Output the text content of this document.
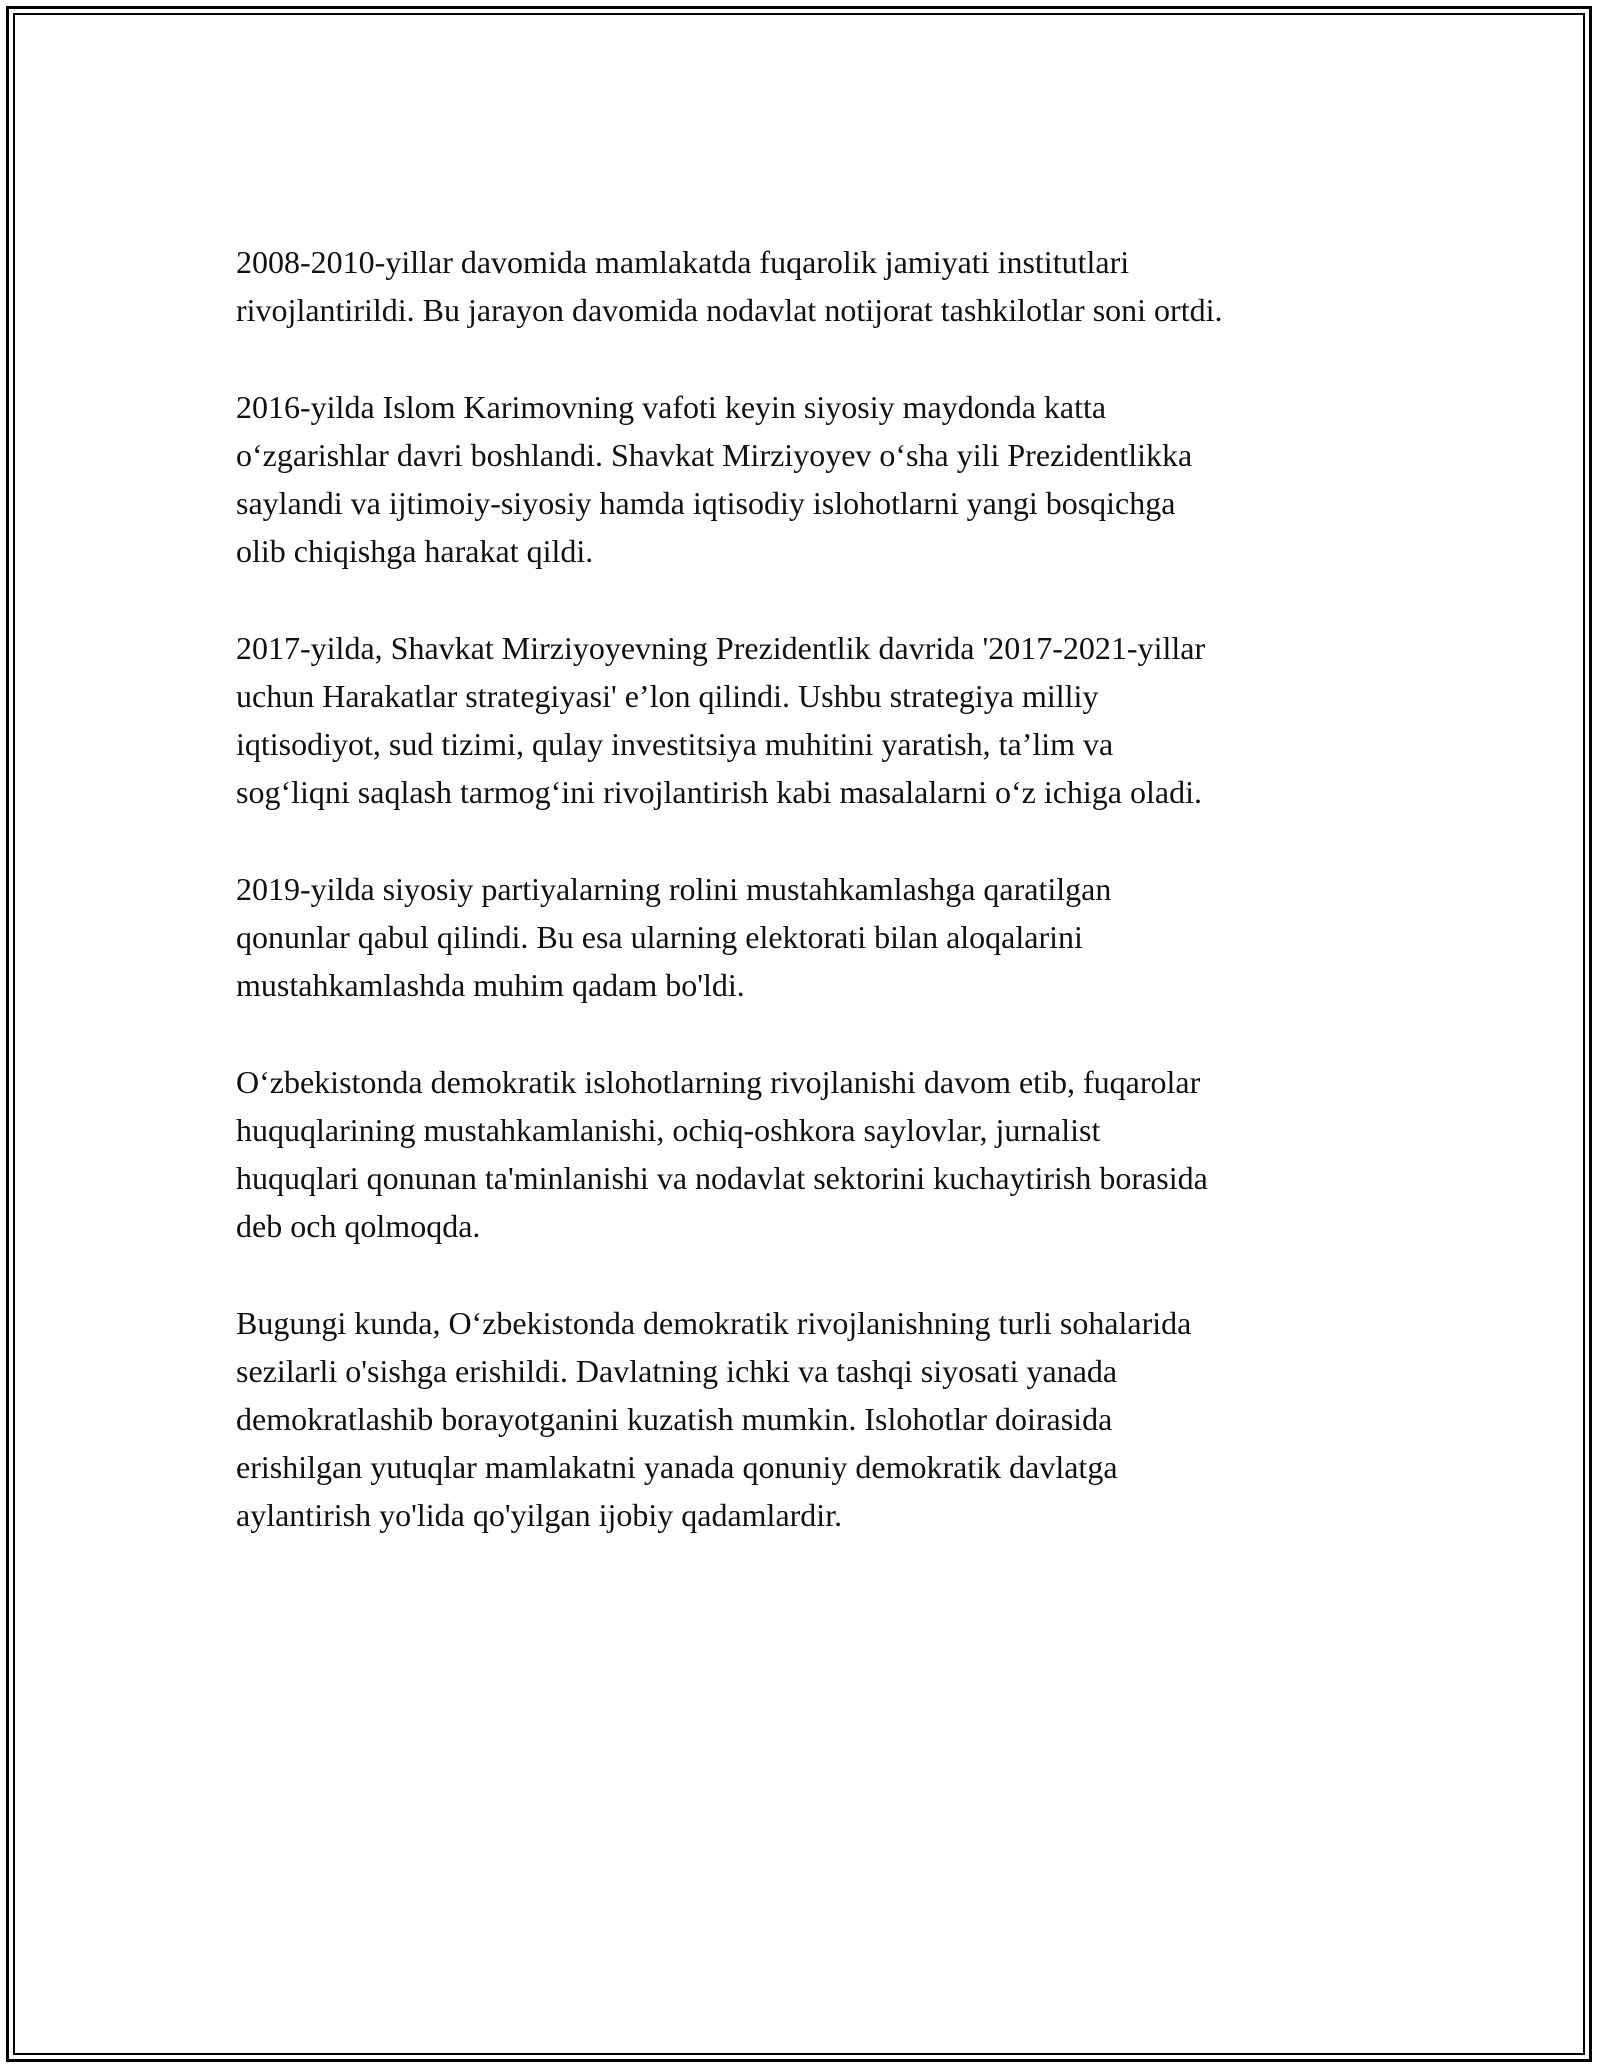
2008-2010-yillar davomida mamlakatda fuqarolik jamiyati institutlari
rivojlantirildi. Bu jarayon davomida nodavlat notijorat tashkilotlar soni ortdi.

2016-yilda Islom Karimovning vafoti keyin siyosiy maydonda katta
o‘zgarishlar davri boshlandi. Shavkat Mirziyoyev o‘sha yili Prezidentlikka
saylandi va ijtimoiy-siyosiy hamda iqtisodiy islohotlarni yangi bosqichga
olib chiqishga harakat qildi.

2017-yilda, Shavkat Mirziyoyevning Prezidentlik davrida '2017-2021-yillar
uchun Harakatlar strategiyasi' e’lon qilindi. Ushbu strategiya milliy
iqtisodiyot, sud tizimi, qulay investitsiya muhitini yaratish, ta’lim va
sog‘liqni saqlash tarmog‘ini rivojlantirish kabi masalalarni o‘z ichiga oladi.

2019-yilda siyosiy partiyalarning rolini mustahkamlashga qaratilgan
qonunlar qabul qilindi. Bu esa ularning elektorati bilan aloqalarini
mustahkamlashda muhim qadam bo'ldi.

O‘zbekistonda demokratik islohotlarning rivojlanishi davom etib, fuqarolar
huquqlarining mustahkamlanishi, ochiq-oshkora saylovlar, jurnalist
huquqlari qonunan ta'minlanishi va nodavlat sektorini kuchaytirish borasida
deb och qolmoqda.

Bugungi kunda, O‘zbekistonda demokratik rivojlanishning turli sohalarida
sezilarli o'sishga erishildi. Davlatning ichki va tashqi siyosati yanada
demokratlashib borayotganini kuzatish mumkin. Islohotlar doirasida
erishilgan yutuqlar mamlakatni yanada qonuniy demokratik davlatga
aylantirish yo'lida qo'yilgan ijobiy qadamlardir.
